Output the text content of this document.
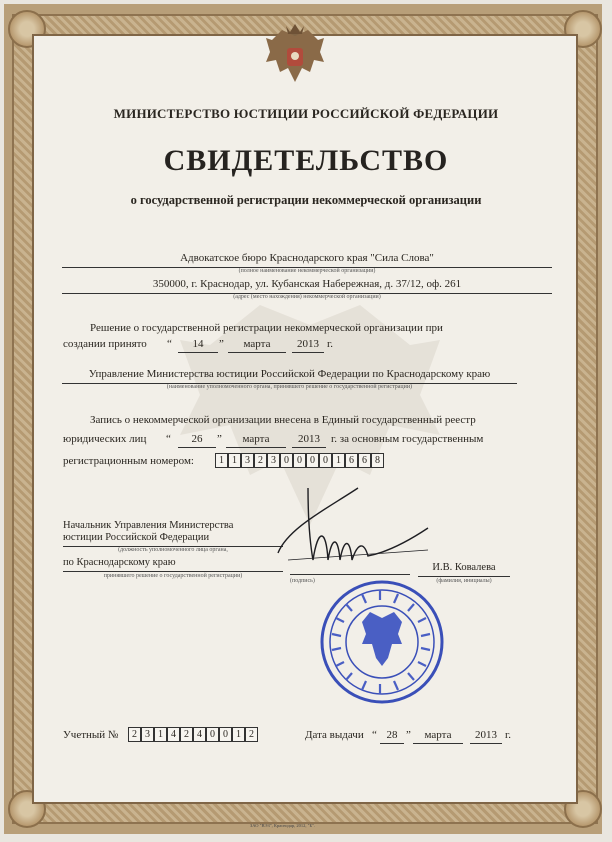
МИНИСТЕРСТВО ЮСТИЦИИ РОССИЙСКОЙ ФЕДЕРАЦИИ
СВИДЕТЕЛЬСТВО
о государственной регистрации некоммерческой организации
Адвокатское бюро Краснодарского края "Сила Слова"
(полное наименование некоммерческой организации)
350000, г. Краснодар, ул. Кубанская Набережная, д. 37/12, оф. 261
(адрес (место нахождения) некоммерческой организации)
Решение о государственной регистрации некоммерческой организации при
создании принято “	14	”	марта	2013 г.
Управление Министерства юстиции Российской Федерации по Краснодарскому краю
(наименование уполномоченного органа, принявшего решение о государственной регистрации)
Запись о некоммерческой организации внесена в Единый государственный реестр
юридических лиц “	26	”	марта	2013	г. за основным государственным
регистрационным номером:	1 1 3 2 3 0 0 0 0 1 6 6 8
Начальник Управления Министерства
юстиции Российской Федерации
(должность уполномоченного лица органа,
по Краснодарскому краю
принявшего решение о государственной регистрации)
(подпись)
И.В. Ковалева
(фамилия, инициалы)
Учетный №	2 3 1 4 2 4 0 0 1 2	Дата выдачи “ 28 ”	марта	2013 г.
ЗАО "ВЭЗ", Краснодар, 2012, "Б".
